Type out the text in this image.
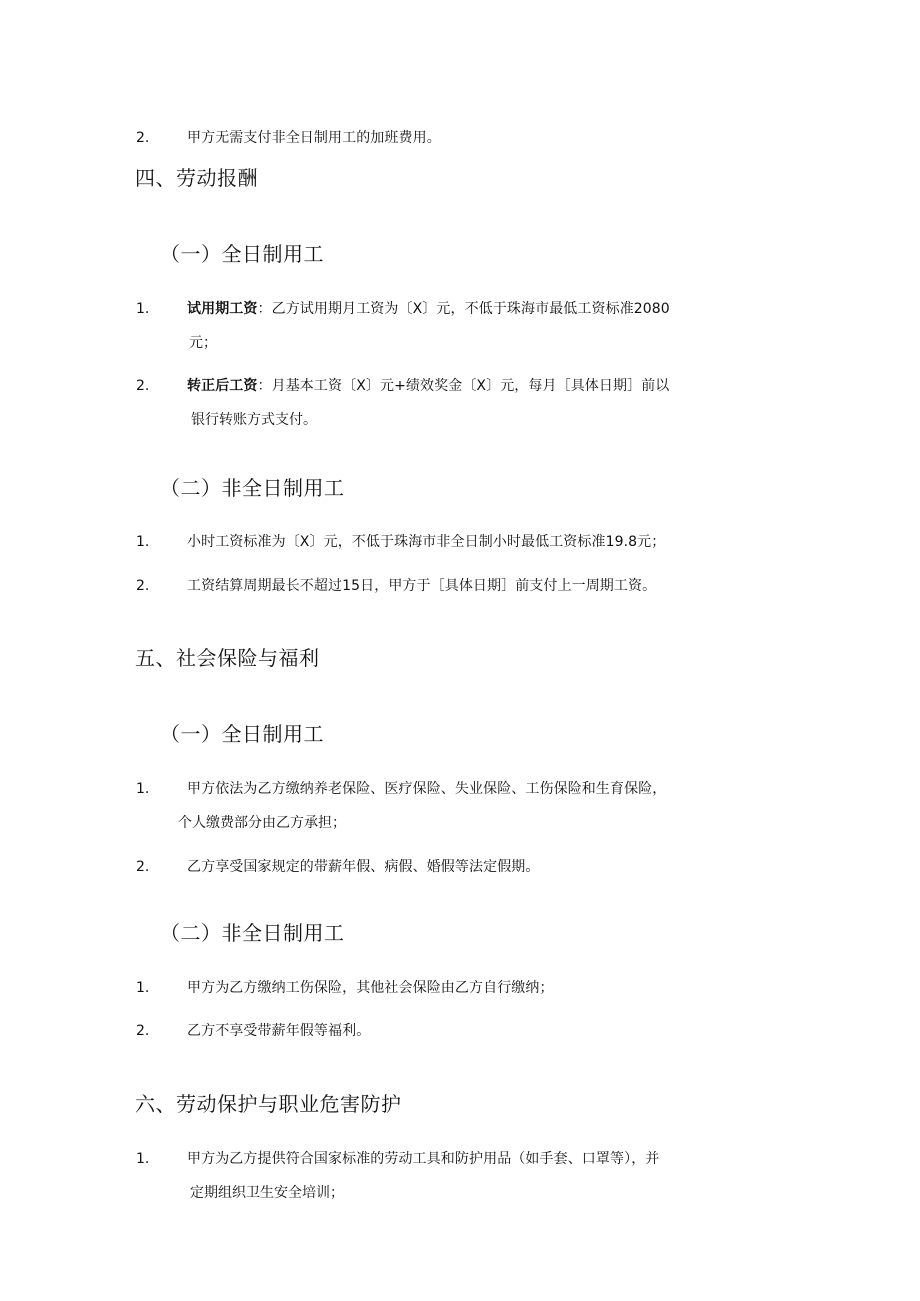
2.	甲方无需支付非全日制用工的加班费用。
四、劳动报酬
（一）全日制用工
1.	试用期工资：乙方试用期月工资为〔X〕元，不低于珠海市最低工资标准2080
元；
2.	转正后工资：月基本工资〔X〕元+绩效奖金〔X〕元，每月［具体日期］前以
银行转账方式支付。
（二）非全日制用工
1.	小时工资标准为〔X〕元，不低于珠海市非全日制小时最低工资标准19.8元；
2.	工资结算周期最长不超过15日，甲方于［具体日期］前支付上一周期工资。
五、社会保险与福利
（一）全日制用工
1.	甲方依法为乙方缴纳养老保险、医疗保险、失业保险、工伤保险和生育保险，
个人缴费部分由乙方承担；
2.	乙方享受国家规定的带薪年假、病假、婚假等法定假期。
（二）非全日制用工
1.	甲方为乙方缴纳工伤保险，其他社会保险由乙方自行缴纳；
2.	乙方不享受带薪年假等福利。
六、劳动保护与职业危害防护
1.	甲方为乙方提供符合国家标准的劳动工具和防护用品（如手套、口罩等），并
定期组织卫生安全培训；
